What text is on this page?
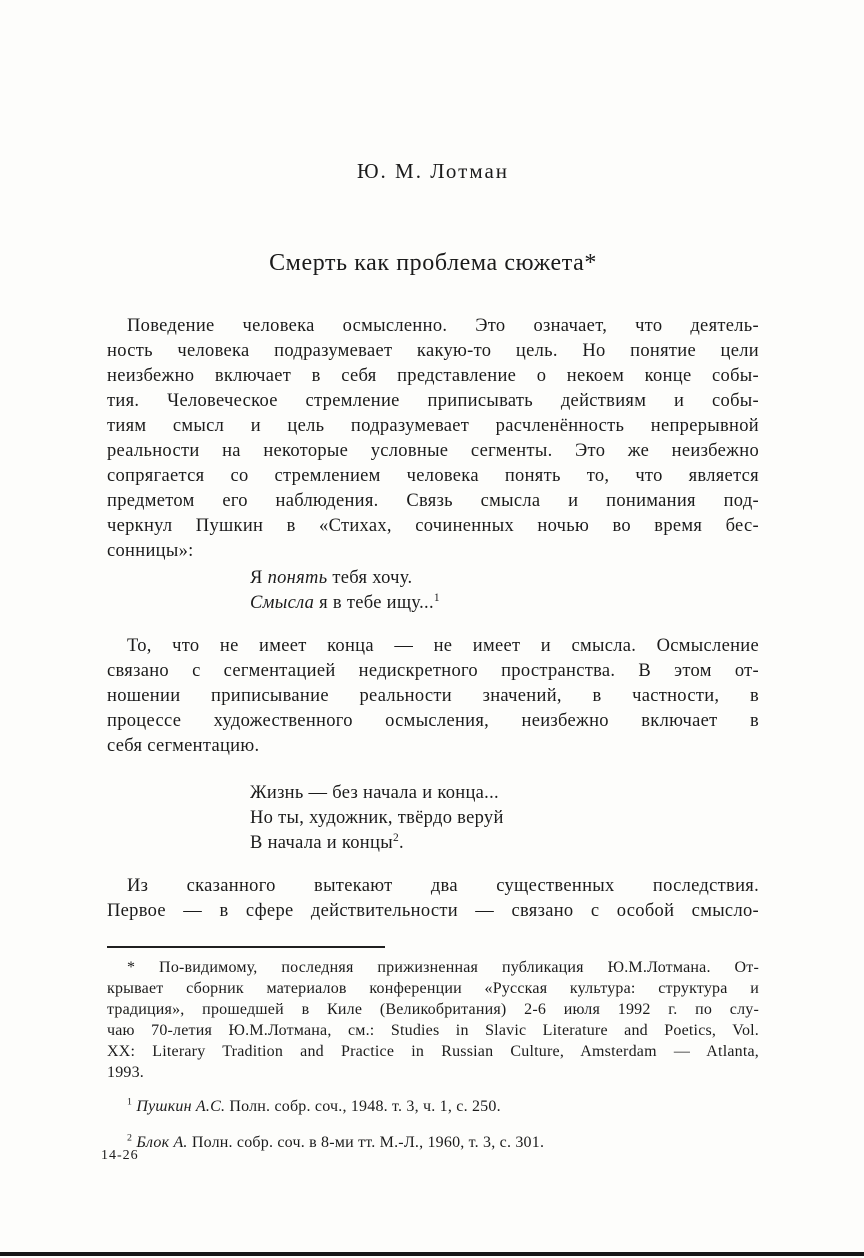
Ю. М. Лотман
Смерть как проблема сюжета*
Поведение человека осмысленно. Это означает, что деятель-
ность человека подразумевает какую-то цель. Но понятие цели
неизбежно включает в себя представление о некоем конце собы-
тия. Человеческое стремление приписывать действиям и собы-
тиям смысл и цель подразумевает расчленённость непрерывной
реальности на некоторые условные сегменты. Это же неизбежно
сопрягается со стремлением человека понять то, что является
предметом его наблюдения. Связь смысла и понимания под-
черкнул Пушкин в «Стихах, сочиненных ночью во время бес-
сонницы»:
Я понять тебя хочу.
Смысла я в тебе ищу...$^1$
То, что не имеет конца — не имеет и смысла. Осмысление
связано с сегментацией недискретного пространства. В этом от-
ношении приписывание реальности значений, в частности, в
процессе художественного осмысления, неизбежно включает в
себя сегментацию.
Жизнь — без начала и конца...
Но ты, художник, твёрдо веруй
В начала и концы$^2$.
Из сказанного вытекают два существенных последствия.
Первое — в сфере действительности — связано с особой смысло-
* По-видимому, последняя прижизненная публикация Ю.М.Лотмана. От-
крывает сборник материалов конференции «Русская культура: структура и
традиция», прошедшей в Киле (Великобритания) 2-6 июля 1992 г. по слу-
чаю 70-летия Ю.М.Лотмана, см.: Studies in Slavic Literature and Poetics, Vol.
XX: Literary Tradition and Practice in Russian Culture, Amsterdam — Atlanta,
1993.
$^1$ Пушкин А.С. Полн. собр. соч., 1948. т. 3, ч. 1, с. 250.
$^2$ Блок А. Полн. собр. соч. в 8-ми тт. М.-Л., 1960, т. 3, с. 301.
14-26
